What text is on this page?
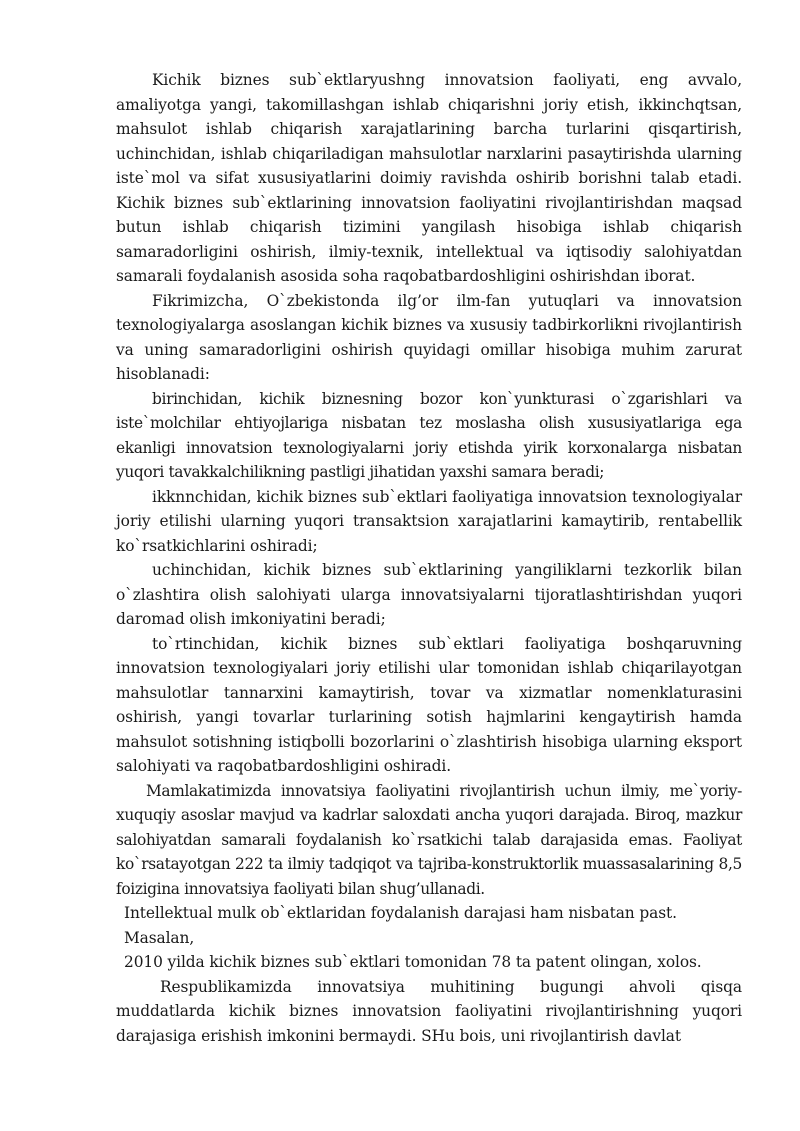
Kichik biznes sub`ektlaryushng innovatsion faoliyati, eng avvalo, amaliyotga yangi, takomillashgan ishlab chiqarishni joriy etish, ikkinchqtsan, mahsulot ishlab chiqarish xarajatlarining barcha turlarini qisqartirish, uchinchidan, ishlab chiqariladigan mahsulotlar narxlarini pasaytirishda ularning iste`mol va sifat xususiyatlarini doimiy ravishda oshirib borishni talab etadi. Kichik biznes sub`ektlarining innovatsion faoliyatini rivojlantirishdan maqsad butun ishlab chiqarish tizimini yangilash hisobiga ishlab chiqarish samaradorligini oshirish, ilmiy-texnik, intellektual va iqtisodiy salohiyatdan samarali foydalanish asosida soha raqobatbardoshligini oshirishdan iborat.

Fikrimizcha, O`zbekistonda ilg’or ilm-fan yutuqlari va innovatsion texnologiyalarga asoslangan kichik biznes va xususiy tadbirkorlikni rivojlantirish va uning samaradorligini oshirish quyidagi omillar hisobiga muhim zarurat hisoblanadi:

birinchidan, kichik biznesning bozor kon`yunkturasi o`zgarishlari va iste`molchilar ehtiyojlariga nisbatan tez moslasha olish xususiyatlariga ega ekanligi innovatsion texnologiyalarni joriy etishda yirik korxonalarga nisbatan yuqori tavakkalchilikning pastligi jihatidan yaxshi samara beradi;

ikknnchidan, kichik biznes sub`ektlari faoliyatiga innovatsion texnologiyalar joriy etilishi ularning yuqori transaktsion xarajatlarini kamaytirib, rentabellik ko`rsatkichlarini oshiradi;

uchinchidan, kichik biznes sub`ektlarining yangiliklarni tezkorlik bilan o`zlashtira olish salohiyati ularga innovatsiyalarni tijoratlashtirishdan yuqori daromad olish imkoniyatini beradi;

to`rtinchidan, kichik biznes sub`ektlari faoliyatiga boshqaruvning innovatsion texnologiyalari joriy etilishi ular tomonidan ishlab chiqarilayotgan mahsulotlar tannarxini kamaytirish, tovar va xizmatlar nomenklaturasini oshirish, yangi tovarlar turlarining sotish hajmlarini kengaytirish hamda mahsulot sotishning istiqbolli bozorlarini o`zlashtirish hisobiga ularning eksport salohiyati va raqobatbardoshligini oshiradi.

Mamlakatimizda innovatsiya faoliyatini rivojlantirish uchun ilmiy, me`yoriy-xuquqiy asoslar mavjud va kadrlar saloxdati ancha yuqori darajada. Biroq, mazkur salohiyatdan samarali foydalanish ko`rsatkichi talab darajasida emas. Faoliyat ko`rsatayotgan 222 ta ilmiy tadqiqot va tajriba-konstruktorlik muassasalarining 8,5 foizigina innovatsiya faoliyati bilan shug’ullanadi.

Intellektual mulk ob`ektlaridan foydalanish darajasi ham nisbatan past. Masalan,

2010 yilda kichik biznes sub`ektlari tomonidan 78 ta patent olingan, xolos.

Respublikamizda innovatsiya muhitining bugungi ahvoli qisqa muddatlarda kichik biznes innovatsion faoliyatini rivojlantirishning yuqori darajasiga erishish imkonini bermaydi. SHu bois, uni rivojlantirish davlat
